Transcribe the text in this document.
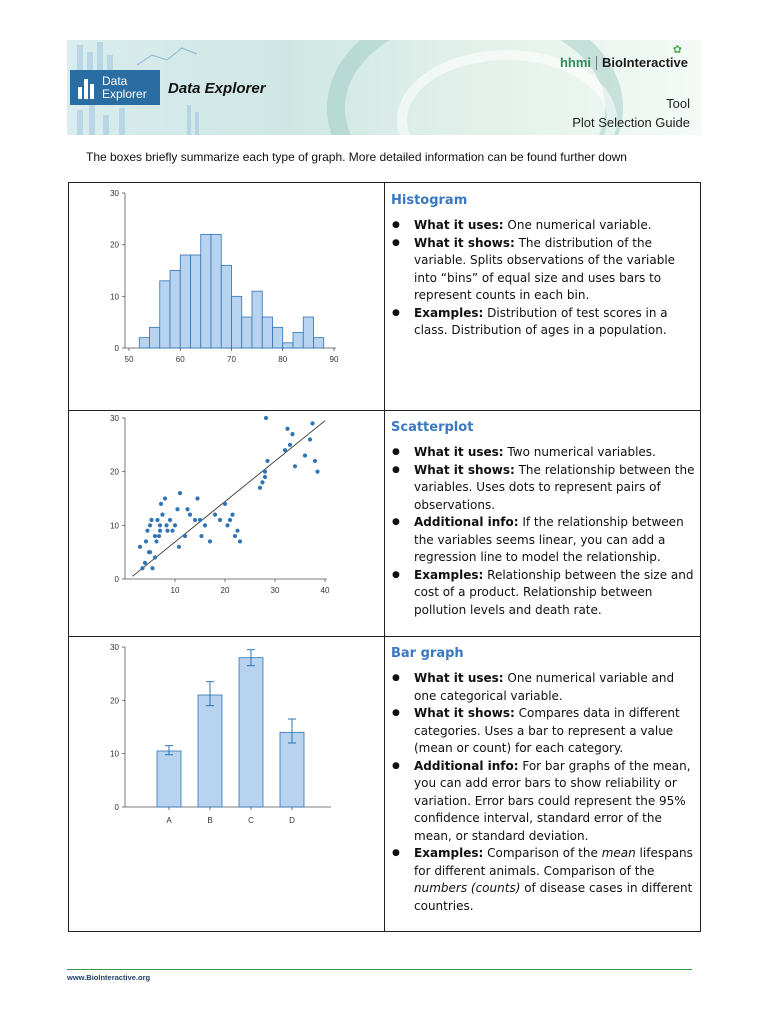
Data
Explorer Data Explorer
✿
hhmi BioInteractive
Tool
Plot Selection Guide
The boxes briefly summarize each type of graph. More detailed information can be found further down
0
10
20
30
50	60	70	80	90
Histogram
● What it uses: One numerical variable.
● What it shows: The distribution of the variable. Splits observations of the variable into “bins” of equal size and uses bars to represent counts in each bin.
● Examples: Distribution of test scores in a class. Distribution of ages in a population.
0
10
20
30
10	20	30	40
Scatterplot
● What it uses: Two numerical variables.
● What it shows: The relationship between the variables. Uses dots to represent pairs of observations.
● Additional info: If the relationship between the variables seems linear, you can add a regression line to model the relationship.
● Examples: Relationship between the size and cost of a product. Relationship between pollution levels and death rate.
0
10
20
30
A	B	C	D
Bar graph
● What it uses: One numerical variable and one categorical variable.
● What it shows: Compares data in different categories. Uses a bar to represent a value (mean or count) for each category.
● Additional info: For bar graphs of the mean, you can add error bars to show reliability or variation. Error bars could represent the 95% confidence interval, standard error of the mean, or standard deviation.
● Examples: Comparison of the mean lifespans for different animals. Comparison of the numbers (counts) of disease cases in different countries.
www.BioInteractive.org
